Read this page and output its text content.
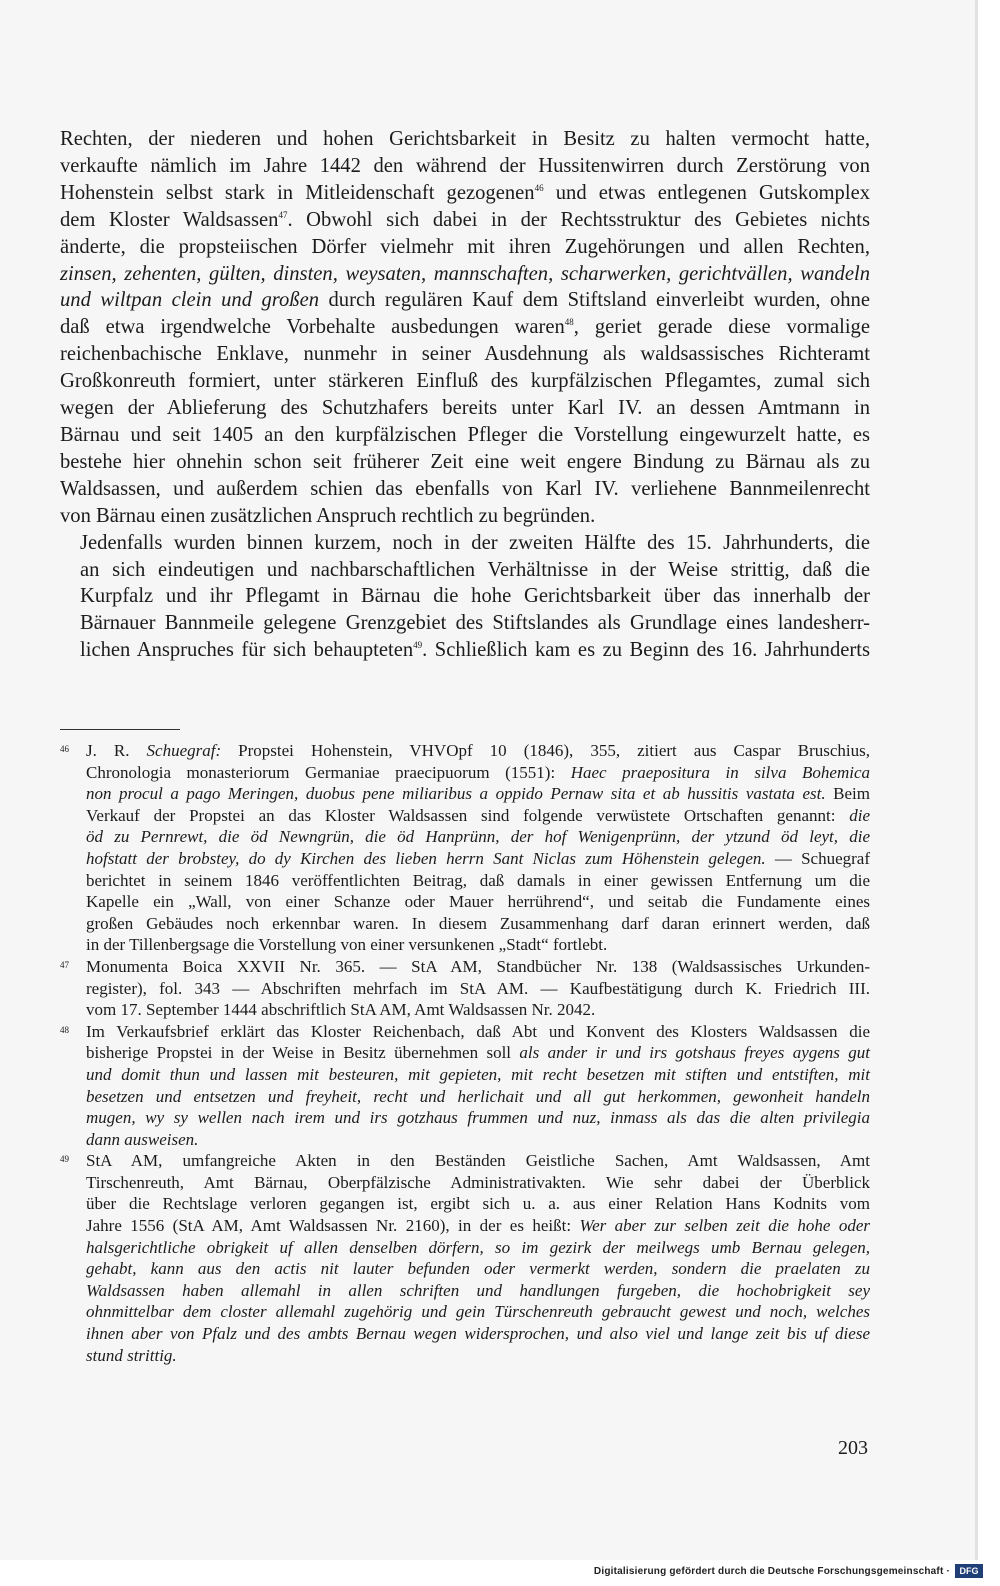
Rechten, der niederen und hohen Gerichtsbarkeit in Besitz zu halten vermocht hatte,
verkaufte nämlich im Jahre 1442 den während der Hussitenwirren durch Zerstörung von
Hohenstein selbst stark in Mitleidenschaft gezogenen$^{46}$ und etwas entlegenen Gutskomplex
dem Kloster Waldsassen$^{47}$. Obwohl sich dabei in der Rechtsstruktur des Gebietes nichts
änderte, die propsteiischen Dörfer vielmehr mit ihren Zugehörungen und allen Rechten,
zinsen, zehenten, gülten, dinsten, weysaten, mannschaften, scharwerken, gerichtvällen, wandeln
und wiltpan clein und großen durch regulären Kauf dem Stiftsland einverleibt wurden, ohne
daß etwa irgendwelche Vorbehalte ausbedungen waren$^{48}$, geriet gerade diese vormalige
reichenbachische Enklave, nunmehr in seiner Ausdehnung als waldsassisches Richteramt
Großkonreuth formiert, unter stärkeren Einfluß des kurpfälzischen Pflegamtes, zumal sich
wegen der Ablieferung des Schutzhafers bereits unter Karl IV. an dessen Amtmann in
Bärnau und seit 1405 an den kurpfälzischen Pfleger die Vorstellung eingewurzelt hatte, es
bestehe hier ohnehin schon seit früherer Zeit eine weit engere Bindung zu Bärnau als zu
Waldsassen, und außerdem schien das ebenfalls von Karl IV. verliehene Bannmeilenrecht
von Bärnau einen zusätzlichen Anspruch rechtlich zu begründen.

Jedenfalls wurden binnen kurzem, noch in der zweiten Hälfte des 15. Jahrhunderts, die
an sich eindeutigen und nachbarschaftlichen Verhältnisse in der Weise strittig, daß die
Kurpfalz und ihr Pflegamt in Bärnau die hohe Gerichtsbarkeit über das innerhalb der
Bärnauer Bannmeile gelegene Grenzgebiet des Stiftslandes als Grundlage eines landesherr-
lichen Anspruches für sich behaupteten$^{49}$. Schließlich kam es zu Beginn des 16. Jahrhunderts

46 J. R. Schuegraf: Propstei Hohenstein, VHVOpf 10 (1846), 355, zitiert aus Caspar Bruschius,
Chronologia monasteriorum Germaniae praecipuorum (1551): Haec praepositura in silva Bohemica
non procul a pago Meringen, duobus pene miliaribus a oppido Pernaw sita et ab hussitis vastata est. Beim
Verkauf der Propstei an das Kloster Waldsassen sind folgende verwüstete Ortschaften genannt: die
öd zu Pernrewt, die öd Newngrün, die öd Hanprünn, der hof Wenigenprünn, der ytzund öd leyt, die
hofstatt der brobstey, do dy Kirchen des lieben herrn Sant Niclas zum Höhenstein gelegen. — Schuegraf
berichtet in seinem 1846 veröffentlichten Beitrag, daß damals in einer gewissen Entfernung um die
Kapelle ein „Wall, von einer Schanze oder Mauer herrührend“, und seitab die Fundamente eines
großen Gebäudes noch erkennbar waren. In diesem Zusammenhang darf daran erinnert werden, daß
in der Tillenbergsage die Vorstellung von einer versunkenen „Stadt“ fortlebt.
47 Monumenta Boica XXVII Nr. 365. — StA AM, Standbücher Nr. 138 (Waldsassisches Urkunden-
register), fol. 343 — Abschriften mehrfach im StA AM. — Kaufbestätigung durch K. Friedrich III.
vom 17. September 1444 abschriftlich StA AM, Amt Waldsassen Nr. 2042.
48 Im Verkaufsbrief erklärt das Kloster Reichenbach, daß Abt und Konvent des Klosters Waldsassen die
bisherige Propstei in der Weise in Besitz übernehmen soll als ander ir und irs gotshaus freyes aygens gut
und domit thun und lassen mit besteuren, mit gepieten, mit recht besetzen mit stiften und entstiften, mit
besetzen und entsetzen und freyheit, recht und herlichait und all gut herkommen, gewonheit handeln
mugen, wy sy wellen nach irem und irs gotzhaus frummen und nuz, inmass als das die alten privilegia
dann ausweisen.
49 StA AM, umfangreiche Akten in den Beständen Geistliche Sachen, Amt Waldsassen, Amt
Tirschenreuth, Amt Bärnau, Oberpfälzische Administrativakten. Wie sehr dabei der Überblick
über die Rechtslage verloren gegangen ist, ergibt sich u. a. aus einer Relation Hans Kodnits vom
Jahre 1556 (StA AM, Amt Waldsassen Nr. 2160), in der es heißt: Wer aber zur selben zeit die hohe oder
halsgerichtliche obrigkeit uf allen denselben dörfern, so im gezirk der meilwegs umb Bernau gelegen,
gehabt, kann aus den actis nit lauter befunden oder vermerkt werden, sondern die praelaten zu
Waldsassen haben allemahl in allen schriften und handlungen furgeben, die hochobrigkeit sey
ohnmittelbar dem closter allemahl zugehörig und gein Türschenreuth gebraucht gewest und noch, welches
ihnen aber von Pfalz und des ambts Bernau wegen widersprochen, und also viel und lange zeit bis uf diese
stund strittig.
203
Digitalisierung gefördert durch die Deutsche Forschungsgemeinschaft ·	DFG
